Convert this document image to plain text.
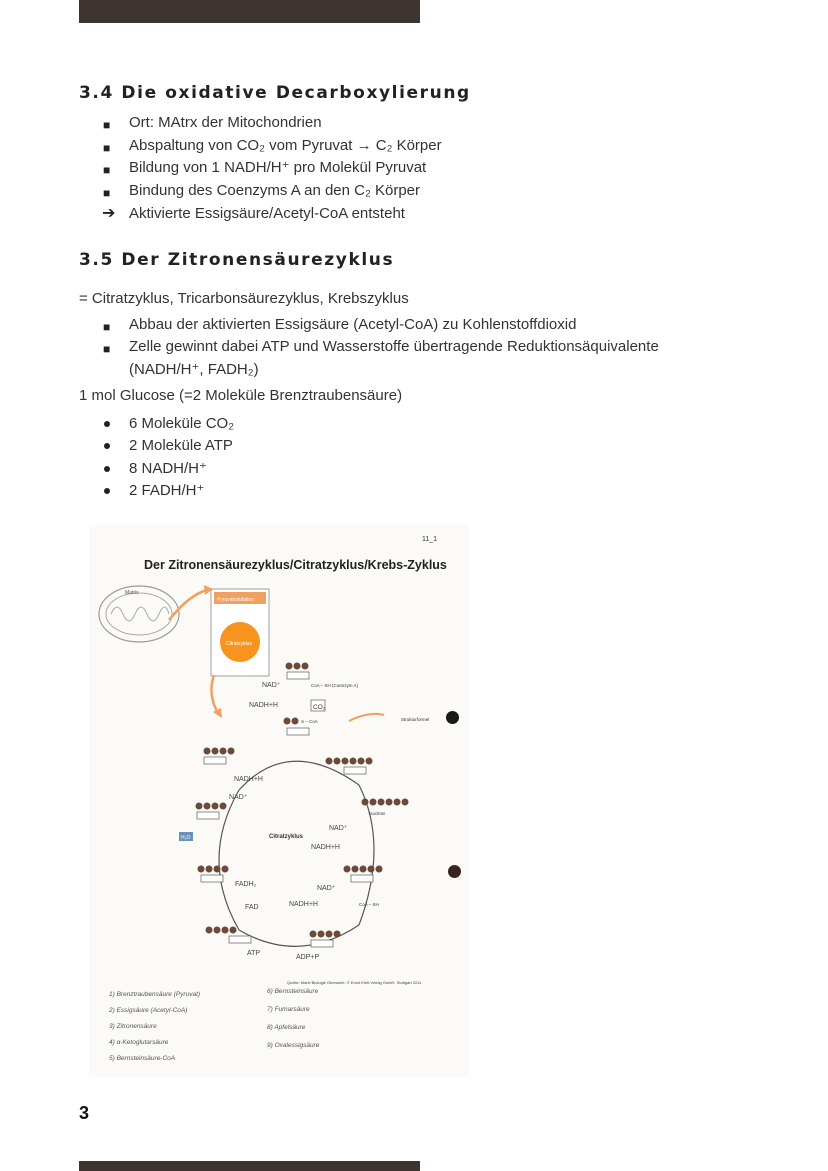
3.4 Die oxidative Decarboxylierung
■ Ort: MAtrx der Mitochondrien
■ Abspaltung von CO₂ vom Pyruvat → C₂ Körper
■ Bildung von 1 NADH/H⁺ pro Molekül Pyruvat
■ Bindung des Coenzyms A an den C₂ Körper
➔ Aktivierte Essigsäure/Acetyl-CoA entsteht
3.5 Der Zitronensäurezyklus
= Citratzyklus, Tricarbonsäurezyklus, Krebszyklus
■ Abbau der aktivierten Essigsäure (Acetyl-CoA) zu Kohlenstoffdioxid
■ Zelle gewinnt dabei ATP und Wasserstoffe übertragende Reduktionsäquivalente
(NADH/H⁺, FADH₂)
1 mol Glucose (=2 Moleküle Brenztraubensäure)
6 Moleküle CO₂
2 Moleküle ATP
8 NADH/H⁺
2 FADH/H⁺
11_1
Der Zitronensäurezyklus/Citratzyklus/Krebs-Zyklus
Matrix
Pyruvatoxidation
Citratzyklus
Citratzyklus
CoA – SH (Coenzym A)
NAD⁺
NADH+H	CO₂
S – CoA	Strukturformel
NADH+H
NAD⁺
Isocitrat
H₂O
NAD⁺
NADH+H
FADH₂
FAD
NAD⁺
NADH+H	CoA – SH
ATP
ADP+P
Quelle: Markl Biologie Oberstufe, © Ernst Klett Verlag GmbH, Stuttgart 2011
1) Brenztraubensäure (Pyruvat)
2) Essigsäure (Acetyl-CoA)
3) Zitronensäure
4) α-Ketoglutarsäure
5) Bernsteinsäure-CoA
6) Bernsteinsäure
7) Fumarsäure
8) Apfelsäure
9) Oxalessigsäure
3
